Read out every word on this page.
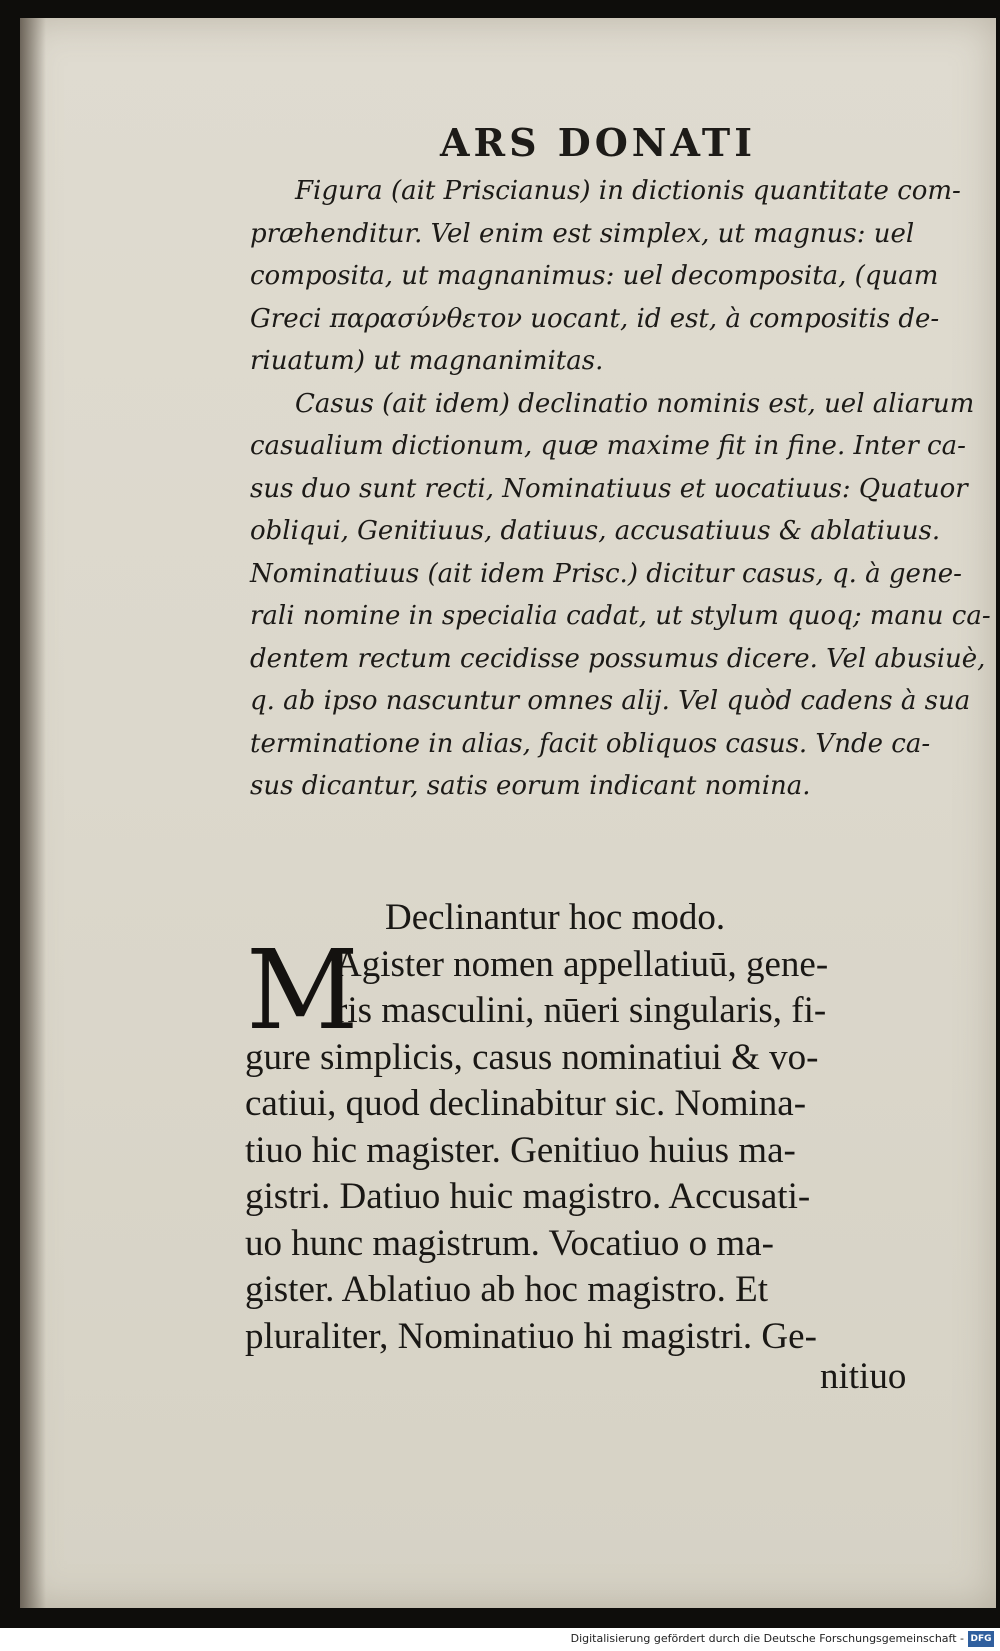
ARS DONATI
Figura (ait Priscianus) in dictionis quantitate com-
prӕhenditur. Vel enim est simplex, ut magnus: uel
composita, ut magnanimus: uel decomposita, (quam
Greci παρασύνθετον uocant, id est, à compositis de-
riuatum) ut magnanimitas.
Casus (ait idem) declinatio nominis est, uel aliarum
casualium dictionum, quӕ maxime fit in fine. Inter ca-
sus duo sunt recti, Nominatiuus et uocatiuus: Quatuor
obliqui, Genitiuus, datiuus, accusatiuus & ablatiuus.
Nominatiuus (ait idem Prisc.) dicitur casus, q. à gene-
rali nomine in specialia cadat, ut stylum quoq; manu ca-
dentem rectum cecidisse possumus dicere. Vel abusiuè,
q. ab ipso nascuntur omnes alij. Vel quòd cadens à sua
terminatione in alias, facit obliquos casus. Vnde ca-
sus dicantur, satis eorum indicant nomina.
Declinantur hoc modo.
Agister nomen appellatiuū, gene-
ris masculini, nūeri singularis, fi-
gure simplicis, casus nominatiui & vo-
catiui, quod declinabitur sic. Nomina-
tiuo hic magister. Genitiuo huius ma-
gistri. Datiuo huic magistro. Accusati-
uo hunc magistrum. Vocatiuo o ma-
gister. Ablatiuo ab hoc magistro. Et
pluraliter, Nominatiuo hi magistri. Ge-
M
nitiuo
Digitalisierung gefördert durch die Deutsche Forschungsgemeinschaft - DFG
